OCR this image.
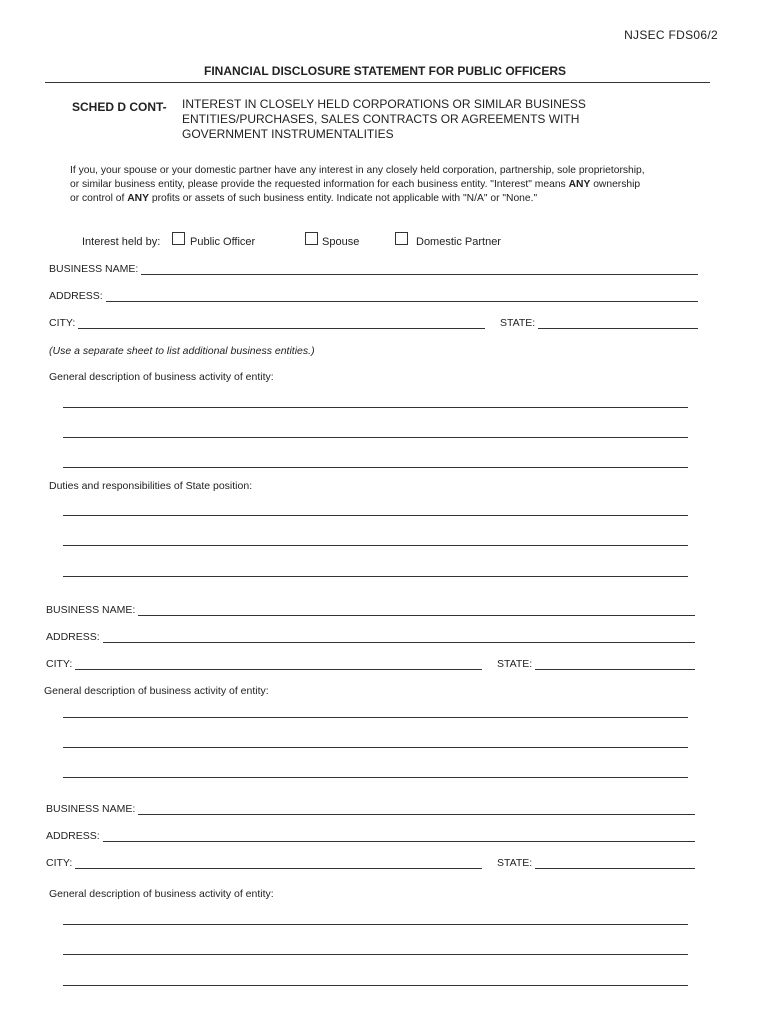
NJSEC FDS06/2
FINANCIAL DISCLOSURE STATEMENT FOR PUBLIC OFFICERS
SCHED D CONT- INTEREST IN CLOSELY HELD CORPORATIONS OR SIMILAR BUSINESS
ENTITIES/PURCHASES, SALES CONTRACTS OR AGREEMENTS WITH
GOVERNMENT INSTRUMENTALITIES
If you, your spouse or your domestic partner have any interest in any closely held corporation, partnership, sole proprietorship,
or similar business entity, please provide the requested information for each business entity. "Interest" means ANY ownership
or control of ANY profits or assets of such business entity. Indicate not applicable with "N/A" or "None."
Interest held by:	Public Officer	Spouse	Domestic Partner
BUSINESS NAME:
ADDRESS:
CITY:	STATE:
(Use a separate sheet to list additional business entities.)
General description of business activity of entity:
Duties and responsibilities of State position:
BUSINESS NAME:
ADDRESS:
CITY:	STATE:
General description of business activity of entity:
BUSINESS NAME:
ADDRESS:
CITY:	STATE:
General description of business activity of entity:
